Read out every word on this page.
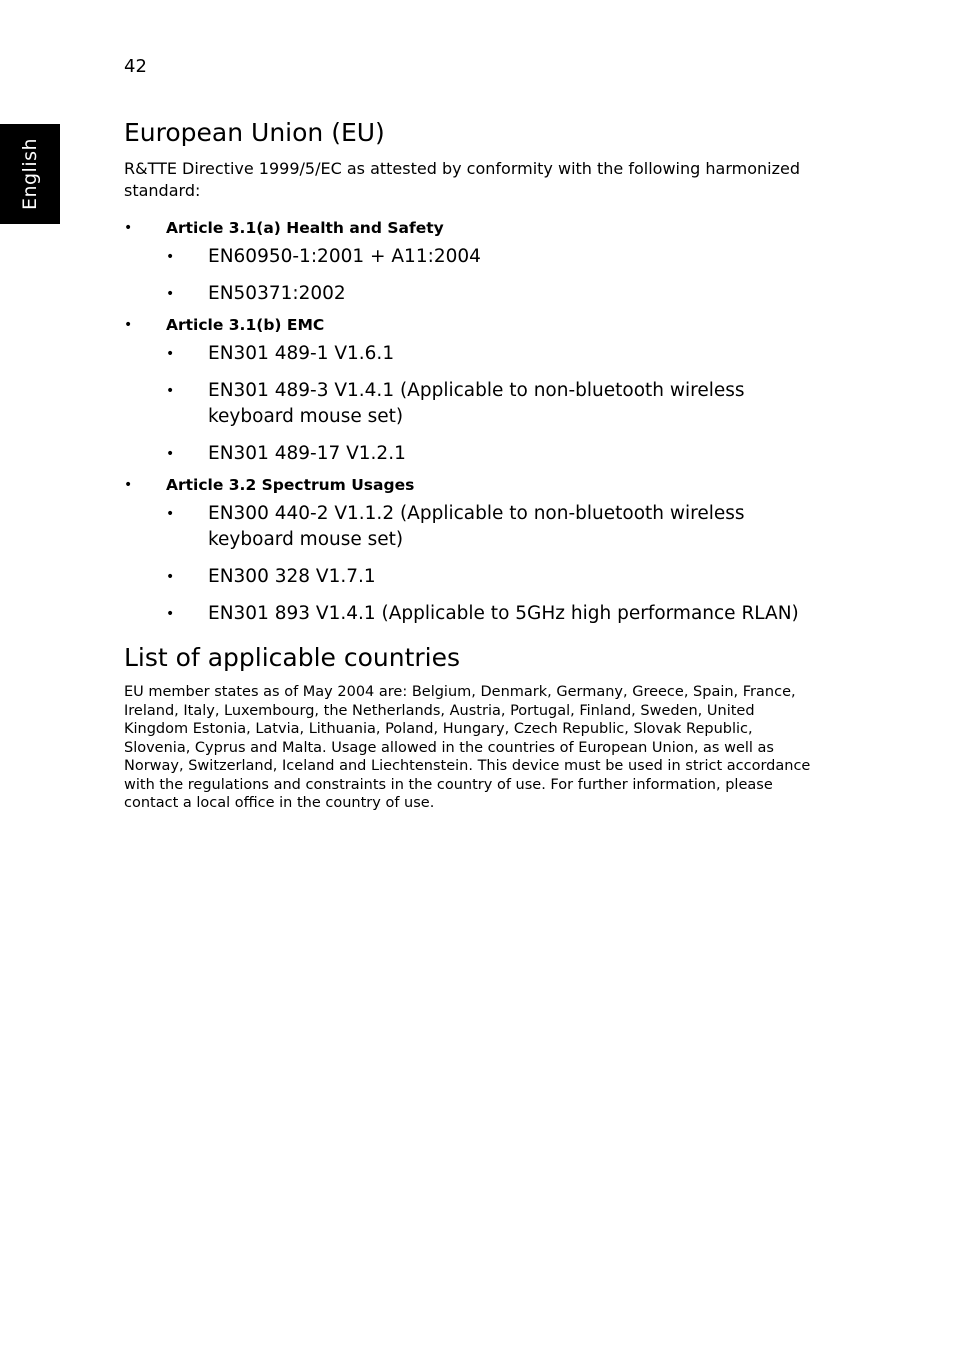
English
42
European Union (EU)

R&TTE Directive 1999/5/EC as attested by conformity with the following harmonized standard:

• Article 3.1(a) Health and Safety
• EN60950-1:2001 + A11:2004
• EN50371:2002
• Article 3.1(b) EMC
• EN301 489-1 V1.6.1
• EN301 489-3 V1.4.1 (Applicable to non-bluetooth wireless keyboard mouse set)
• EN301 489-17 V1.2.1
• Article 3.2 Spectrum Usages
• EN300 440-2 V1.1.2 (Applicable to non-bluetooth wireless keyboard mouse set)
• EN300 328 V1.7.1
• EN301 893 V1.4.1 (Applicable to 5GHz high performance RLAN)
List of applicable countries

EU member states as of May 2004 are: Belgium, Denmark, Germany, Greece, Spain, France, Ireland, Italy, Luxembourg, the Netherlands, Austria, Portugal, Finland, Sweden, United Kingdom Estonia, Latvia, Lithuania, Poland, Hungary, Czech Republic, Slovak Republic, Slovenia, Cyprus and Malta. Usage allowed in the countries of European Union, as well as Norway, Switzerland, Iceland and Liechtenstein. This device must be used in strict accordance with the regulations and constraints in the country of use. For further information, please contact a local office in the country of use.
